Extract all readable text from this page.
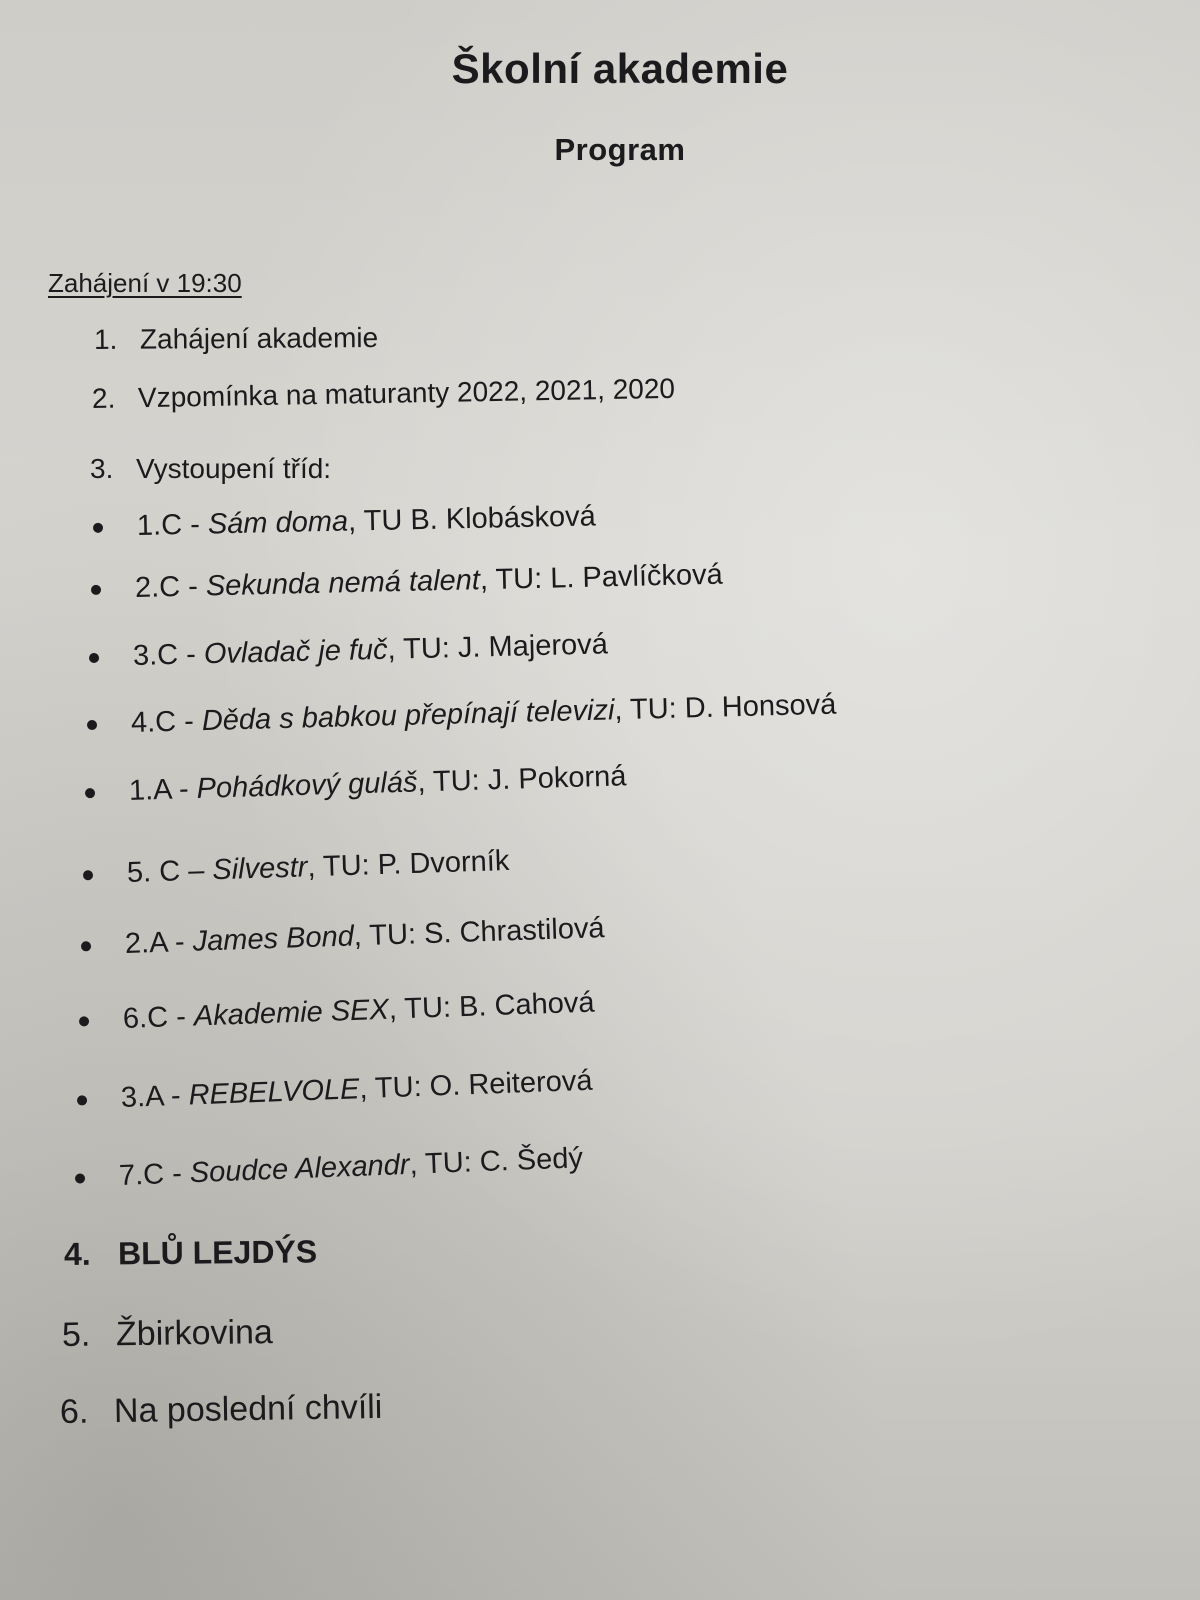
Školní akademie
Program
Zahájení v 19:30
1. Zahájení akademie
2. Vzpomínka na maturanty 2022, 2021, 2020
3. Vystoupení tříd:
1.C - Sám doma, TU B. Klobásková
2.C - Sekunda nemá talent, TU: L. Pavlíčková
3.C - Ovladač je fuč, TU: J. Majerová
4.C - Děda s babkou přepínají televizi, TU: D. Honsová
1.A - Pohádkový guláš, TU: J. Pokorná
5. C – Silvestr, TU: P. Dvorník
2.A - James Bond, TU: S. Chrastilová
6.C - Akademie SEX, TU: B. Cahová
3.A - REBELVOLE, TU: O. Reiterová
7.C - Soudce Alexandr, TU: C. Šedý
4. BLŮ LEJDÝS
5. Žbirkovina
6. Na poslední chvíli
